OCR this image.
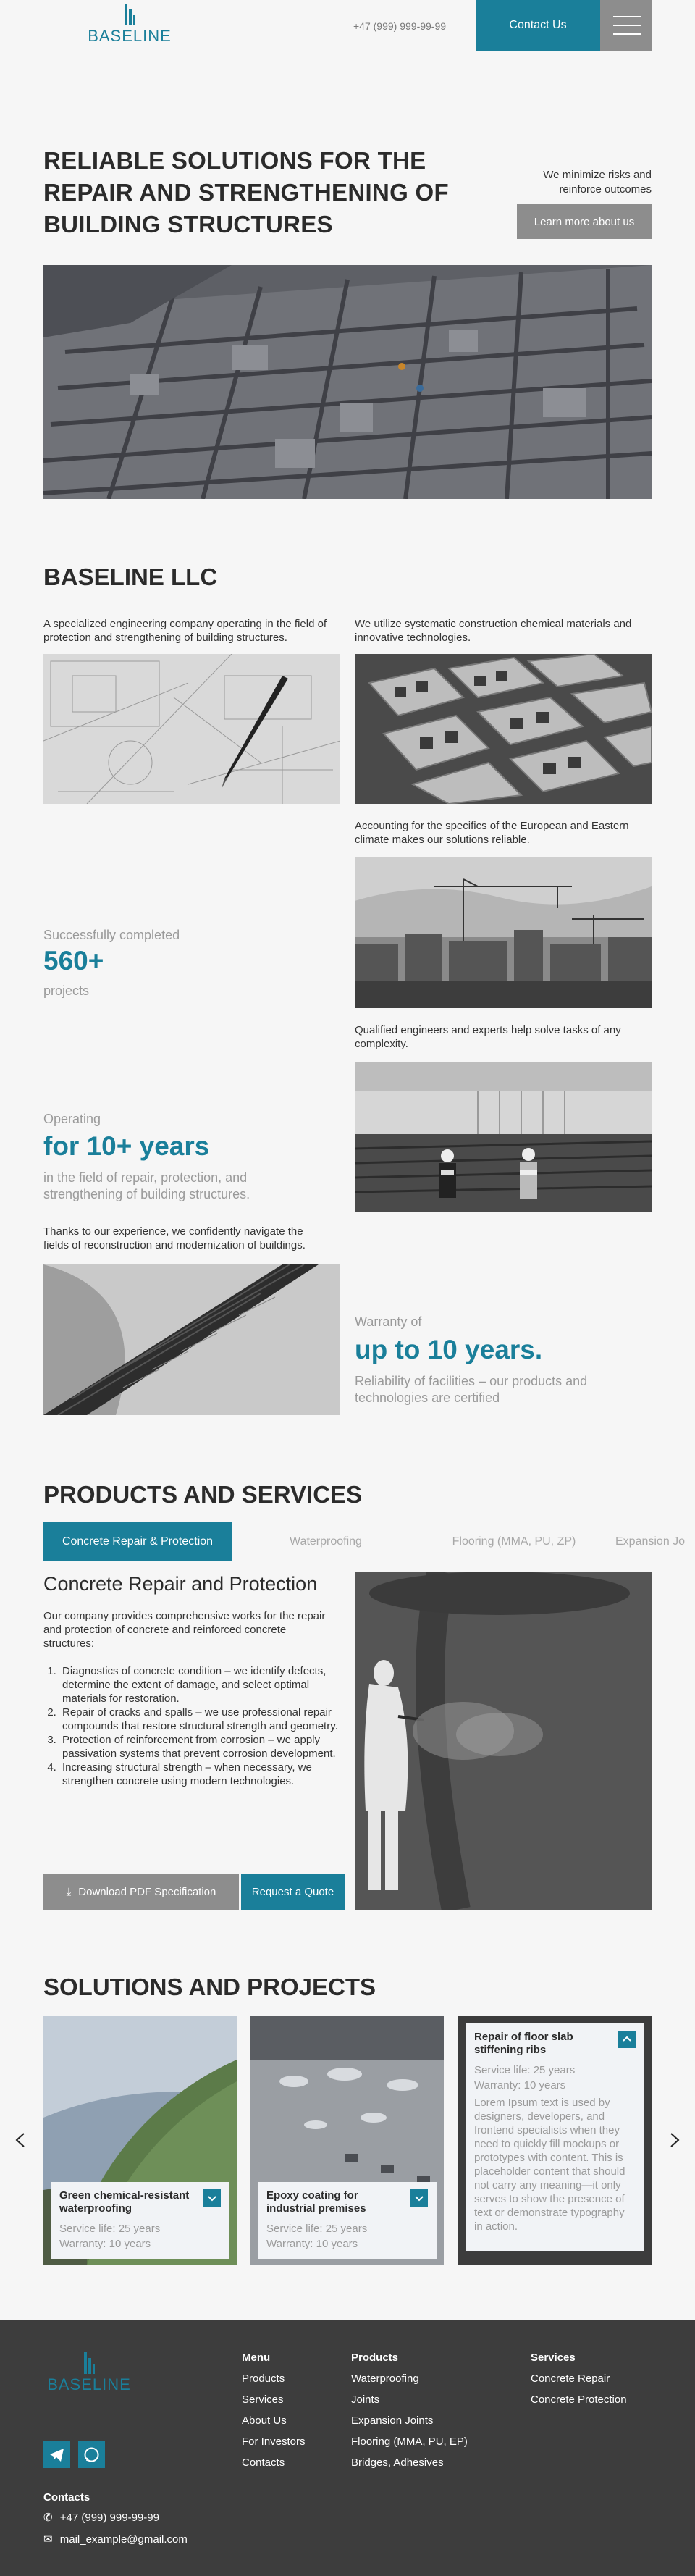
BASELINE
+47 (999) 999-99-99	Contact Us
RELIABLE SOLUTIONS FOR THE
REPAIR AND STRENGTHENING OF
BUILDING STRUCTURES
We minimize risks and
reinforce outcomes
Learn more about us
BASELINE LLC
A specialized engineering company operating in the field of
protection and strengthening of building structures.
We utilize systematic construction chemical materials and
innovative technologies.
Accounting for the specifics of the European and Eastern
climate makes our solutions reliable.
Successfully completed
560+
projects
Qualified engineers and experts help solve tasks of any
complexity.
Operating
for 10+ years
in the field of repair, protection, and
strengthening of building structures.
Thanks to our experience, we confidently navigate the
fields of reconstruction and modernization of buildings.
Warranty of
up to 10 years.
Reliability of facilities – our products and
technologies are certified
PRODUCTS AND SERVICES
Concrete Repair & Protection	Waterproofing	Flooring (MMA, PU, ZP)	Expansion Jo
Concrete Repair and Protection
Our company provides comprehensive works for the repair
and protection of concrete and reinforced concrete
structures:
1. Diagnostics of concrete condition – we identify defects, determine the extent of damage, and select optimal materials for restoration.
2. Repair of cracks and spalls – we use professional repair compounds that restore structural strength and geometry.
3. Protection of reinforcement from corrosion – we apply passivation systems that prevent corrosion development.
4. Increasing structural strength – when necessary, we strengthen concrete using modern technologies.
⤓ Download PDF Specification	Request a Quote
SOLUTIONS AND PROJECTS
Green chemical-resistant waterproofing
Service life: 25 years
Warranty: 10 years
Epoxy coating for industrial premises
Service life: 25 years
Warranty: 10 years
Repair of floor slab stiffening ribs
Service life: 25 years
Warranty: 10 years
Lorem Ipsum text is used by designers, developers, and frontend specialists when they need to quickly fill mockups or prototypes with content. This is placeholder content that should not carry any meaning—it only serves to show the presence of text or demonstrate typography in action.
BASELINE
Contacts
✆ +47 (999) 999-99-99
✉ mail_example@gmail.com
Menu
Products
Services
About Us
For Investors
Contacts
Products
Waterproofing
Joints
Expansion Joints
Flooring (MMA, PU, EP)
Bridges, Adhesives
Services
Concrete Repair
Concrete Protection
